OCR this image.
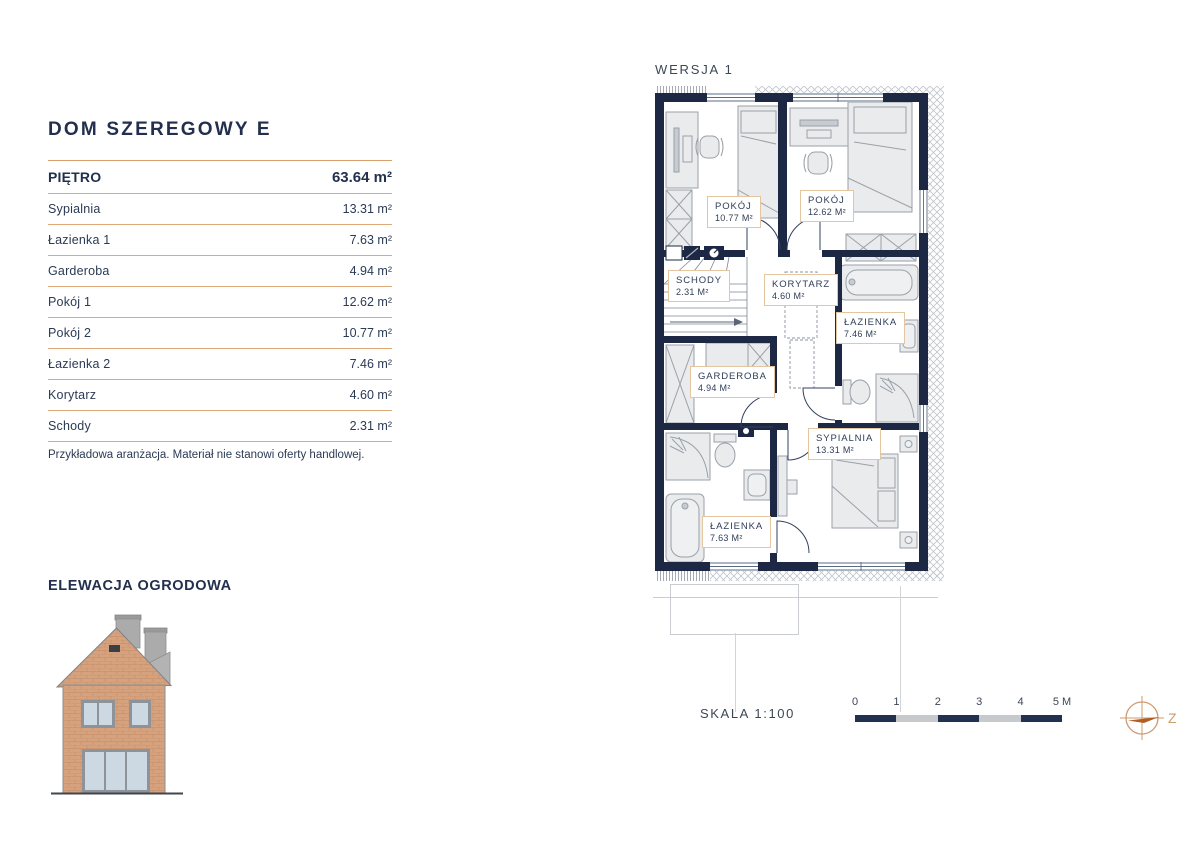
DOM SZEREGOWY E
PIĘTRO	63.64 m²
Sypialnia	13.31 m²
Łazienka 1	7.63 m²
Garderoba	4.94 m²
Pokój 1	12.62 m²
Pokój 2	10.77 m²
Łazienka 2	7.46 m²
Korytarz	4.60 m²
Schody	2.31 m²
Przykładowa aranżacja. Materiał nie stanowi oferty handlowej.
ELEWACJA OGRODOWA
WERSJA 1
POKÓJ
10.77 M²
POKÓJ
12.62 M²
SCHODY
2.31 M²
KORYTARZ
4.60 M²
ŁAZIENKA
7.46 M²
GARDEROBA
4.94 M²
SYPIALNIA
13.31 M²
ŁAZIENKA
7.63 M²
SKALA 1:100
0	1	2	3	4	5 M
Z
